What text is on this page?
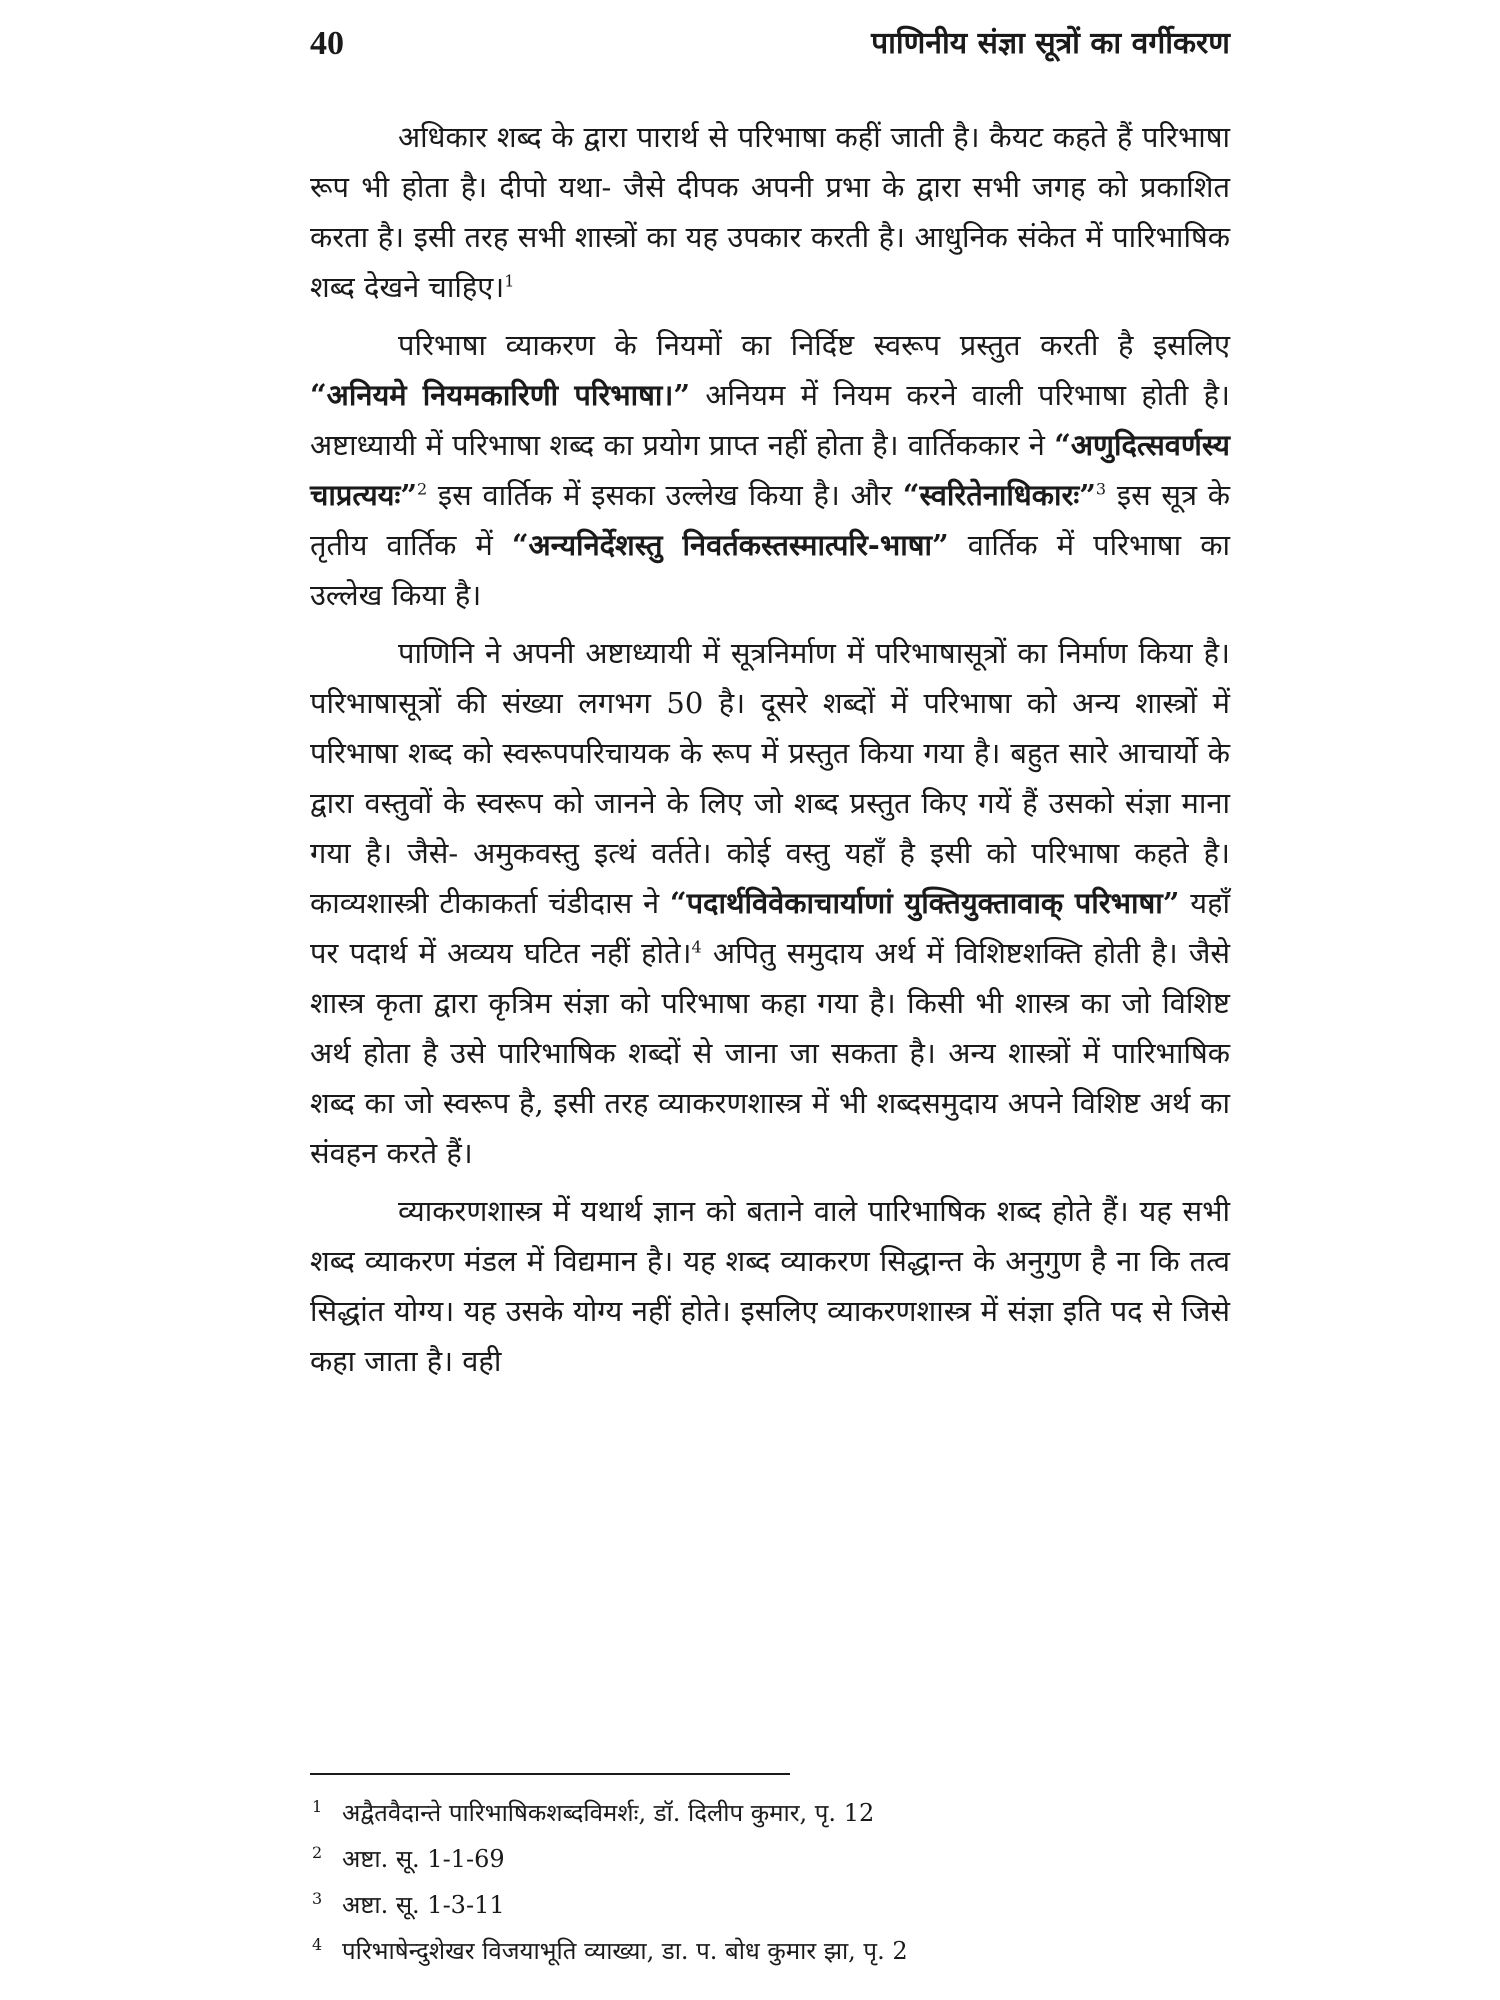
40	पाणिनीय संज्ञा सूत्रों का वर्गीकरण

अधिकार शब्द के द्वारा पारार्थ से परिभाषा कहीं जाती है। कैयट कहते हैं परिभाषा रूप भी होता है। दीपो यथा- जैसे दीपक अपनी प्रभा के द्वारा सभी जगह को प्रकाशित करता है। इसी तरह सभी शास्त्रों का यह उपकार करती है। आधुनिक संकेत में पारिभाषिक शब्द देखने चाहिए।$^1$

परिभाषा व्याकरण के नियमों का निर्दिष्ट स्वरूप प्रस्तुत करती है इसलिए “अनियमे नियमकारिणी परिभाषा।” अनियम में नियम करने वाली परिभाषा होती है। अष्टाध्यायी में परिभाषा शब्द का प्रयोग प्राप्त नहीं होता है। वार्तिककार ने “अणुदित्सवर्णस्य चाप्रत्ययः”$^2$ इस वार्तिक में इसका उल्लेख किया है। और “स्वरितेनाधिकारः”$^3$ इस सूत्र के तृतीय वार्तिक में “अन्यनिर्देशस्तु निवर्तकस्तस्मात्परि-भाषा” वार्तिक में परिभाषा का उल्लेख किया है।

पाणिनि ने अपनी अष्टाध्यायी में सूत्रनिर्माण में परिभाषासूत्रों का निर्माण किया है। परिभाषासूत्रों की संख्या लगभग 50 है। दूसरे शब्दों में परिभाषा को अन्य शास्त्रों में परिभाषा शब्द को स्वरूपपरिचायक के रूप में प्रस्तुत किया गया है। बहुत सारे आचार्यो के द्वारा वस्तुवों के स्वरूप को जानने के लिए जो शब्द प्रस्तुत किए गयें हैं उसको संज्ञा माना गया है। जैसे- अमुकवस्तु इत्थं वर्तते। कोई वस्तु यहाँ है इसी को परिभाषा कहते है। काव्यशास्त्री टीकाकर्ता चंडीदास ने “पदार्थविवेकाचार्याणां युक्तियुक्तावाक् परिभाषा” यहाँ पर पदार्थ में अव्यय घटित नहीं होते।$^4$ अपितु समुदाय अर्थ में विशिष्टशक्ति होती है। जैसे शास्त्र कृता द्वारा कृत्रिम संज्ञा को परिभाषा कहा गया है। किसी भी शास्त्र का जो विशिष्ट अर्थ होता है उसे पारिभाषिक शब्दों से जाना जा सकता है। अन्य शास्त्रों में पारिभाषिक शब्द का जो स्वरूप है, इसी तरह व्याकरणशास्त्र में भी शब्दसमुदाय अपने विशिष्ट अर्थ का संवहन करते हैं।

व्याकरणशास्त्र में यथार्थ ज्ञान को बताने वाले पारिभाषिक शब्द होते हैं। यह सभी शब्द व्याकरण मंडल में विद्यमान है। यह शब्द व्याकरण सिद्धान्त के अनुगुण है ना कि तत्व सिद्धांत योग्य। यह उसके योग्य नहीं होते। इसलिए व्याकरणशास्त्र में संज्ञा इति पद से जिसे कहा जाता है। वही

1 अद्वैतवैदान्ते पारिभाषिकशब्दविमर्शः, डॉ. दिलीप कुमार, पृ. 12
2 अष्टा. सू. 1-1-69
3 अष्टा. सू. 1-3-11
4 परिभाषेन्दुशेखर विजयाभूति व्याख्या, डा. प. बोध कुमार झा, पृ. 2
